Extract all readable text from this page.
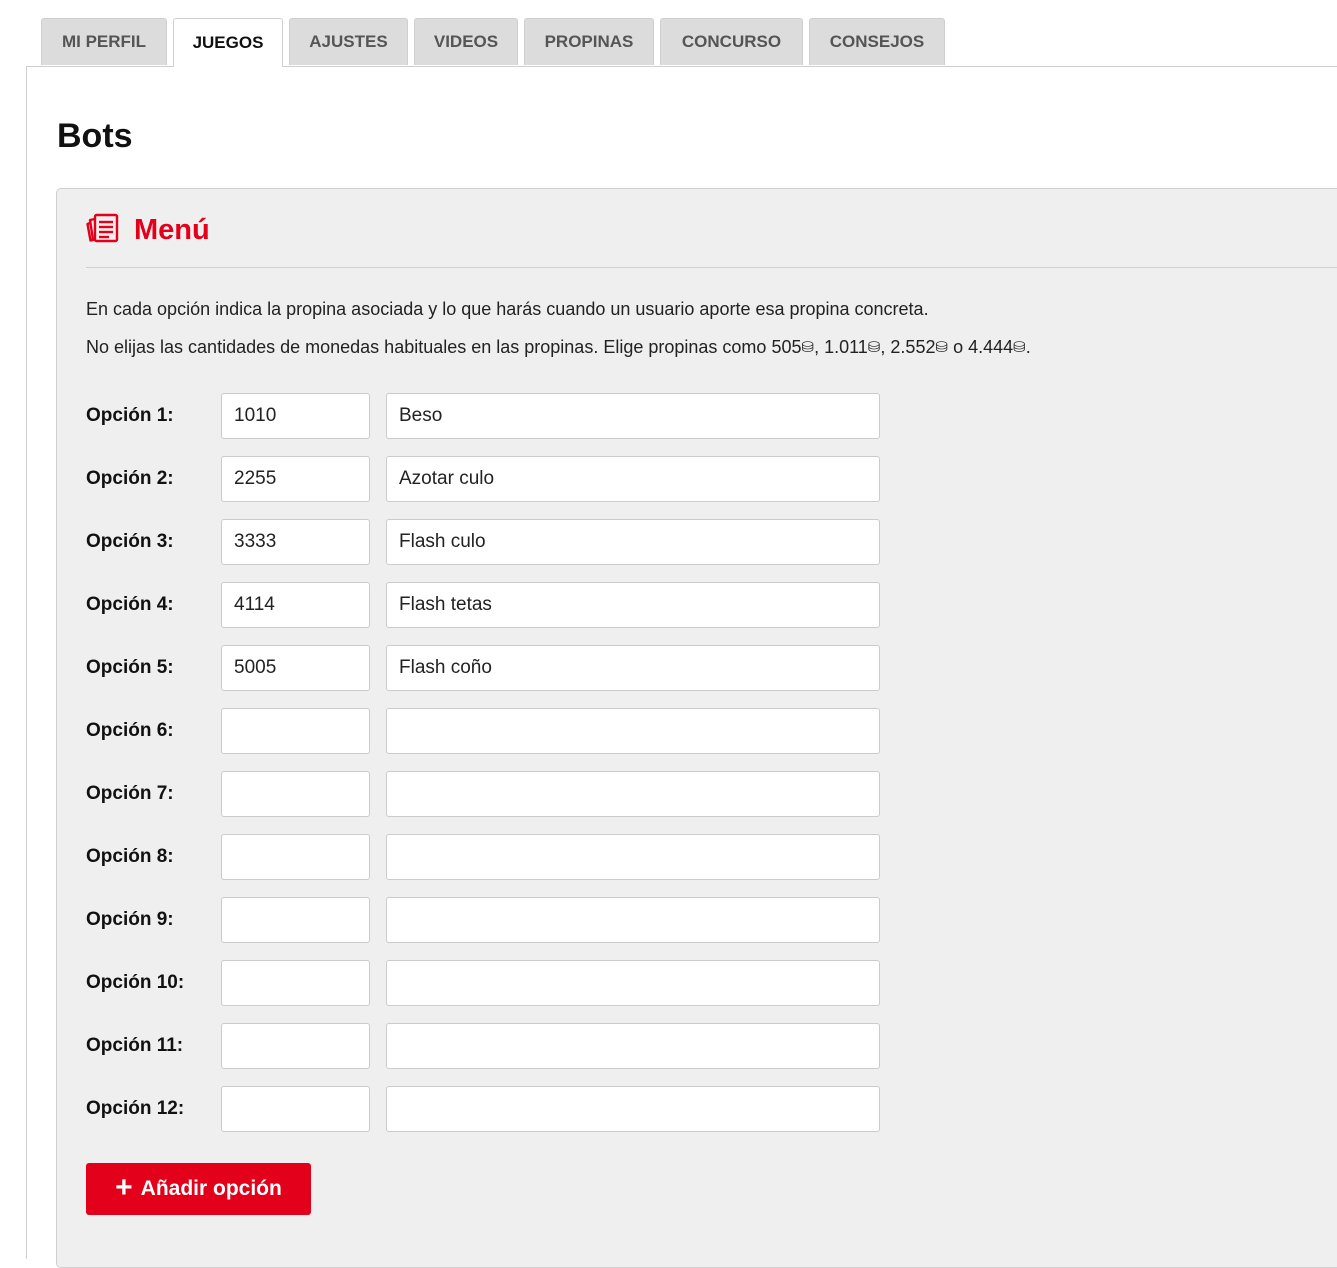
MI PERFIL	JUEGOS	AJUSTES	VIDEOS	PROPINAS	CONCURSO	CONSEJOS
Bots
Menú
En cada opción indica la propina asociada y lo que harás cuando un usuario aporte esa propina concreta.
No elijas las cantidades de monedas habituales en las propinas. Elige propinas como 505⛁, 1.011⛁, 2.552⛁ o 4.444⛁.
Opción 1:
1010
Beso
Opción 2:
2255
Azotar culo
Opción 3:
3333
Flash culo
Opción 4:
4114
Flash tetas
Opción 5:
5005
Flash coño
Opción 6:
Opción 7:
Opción 8:
Opción 9:
Opción 10:
Opción 11:
Opción 12:
+ Añadir opción
